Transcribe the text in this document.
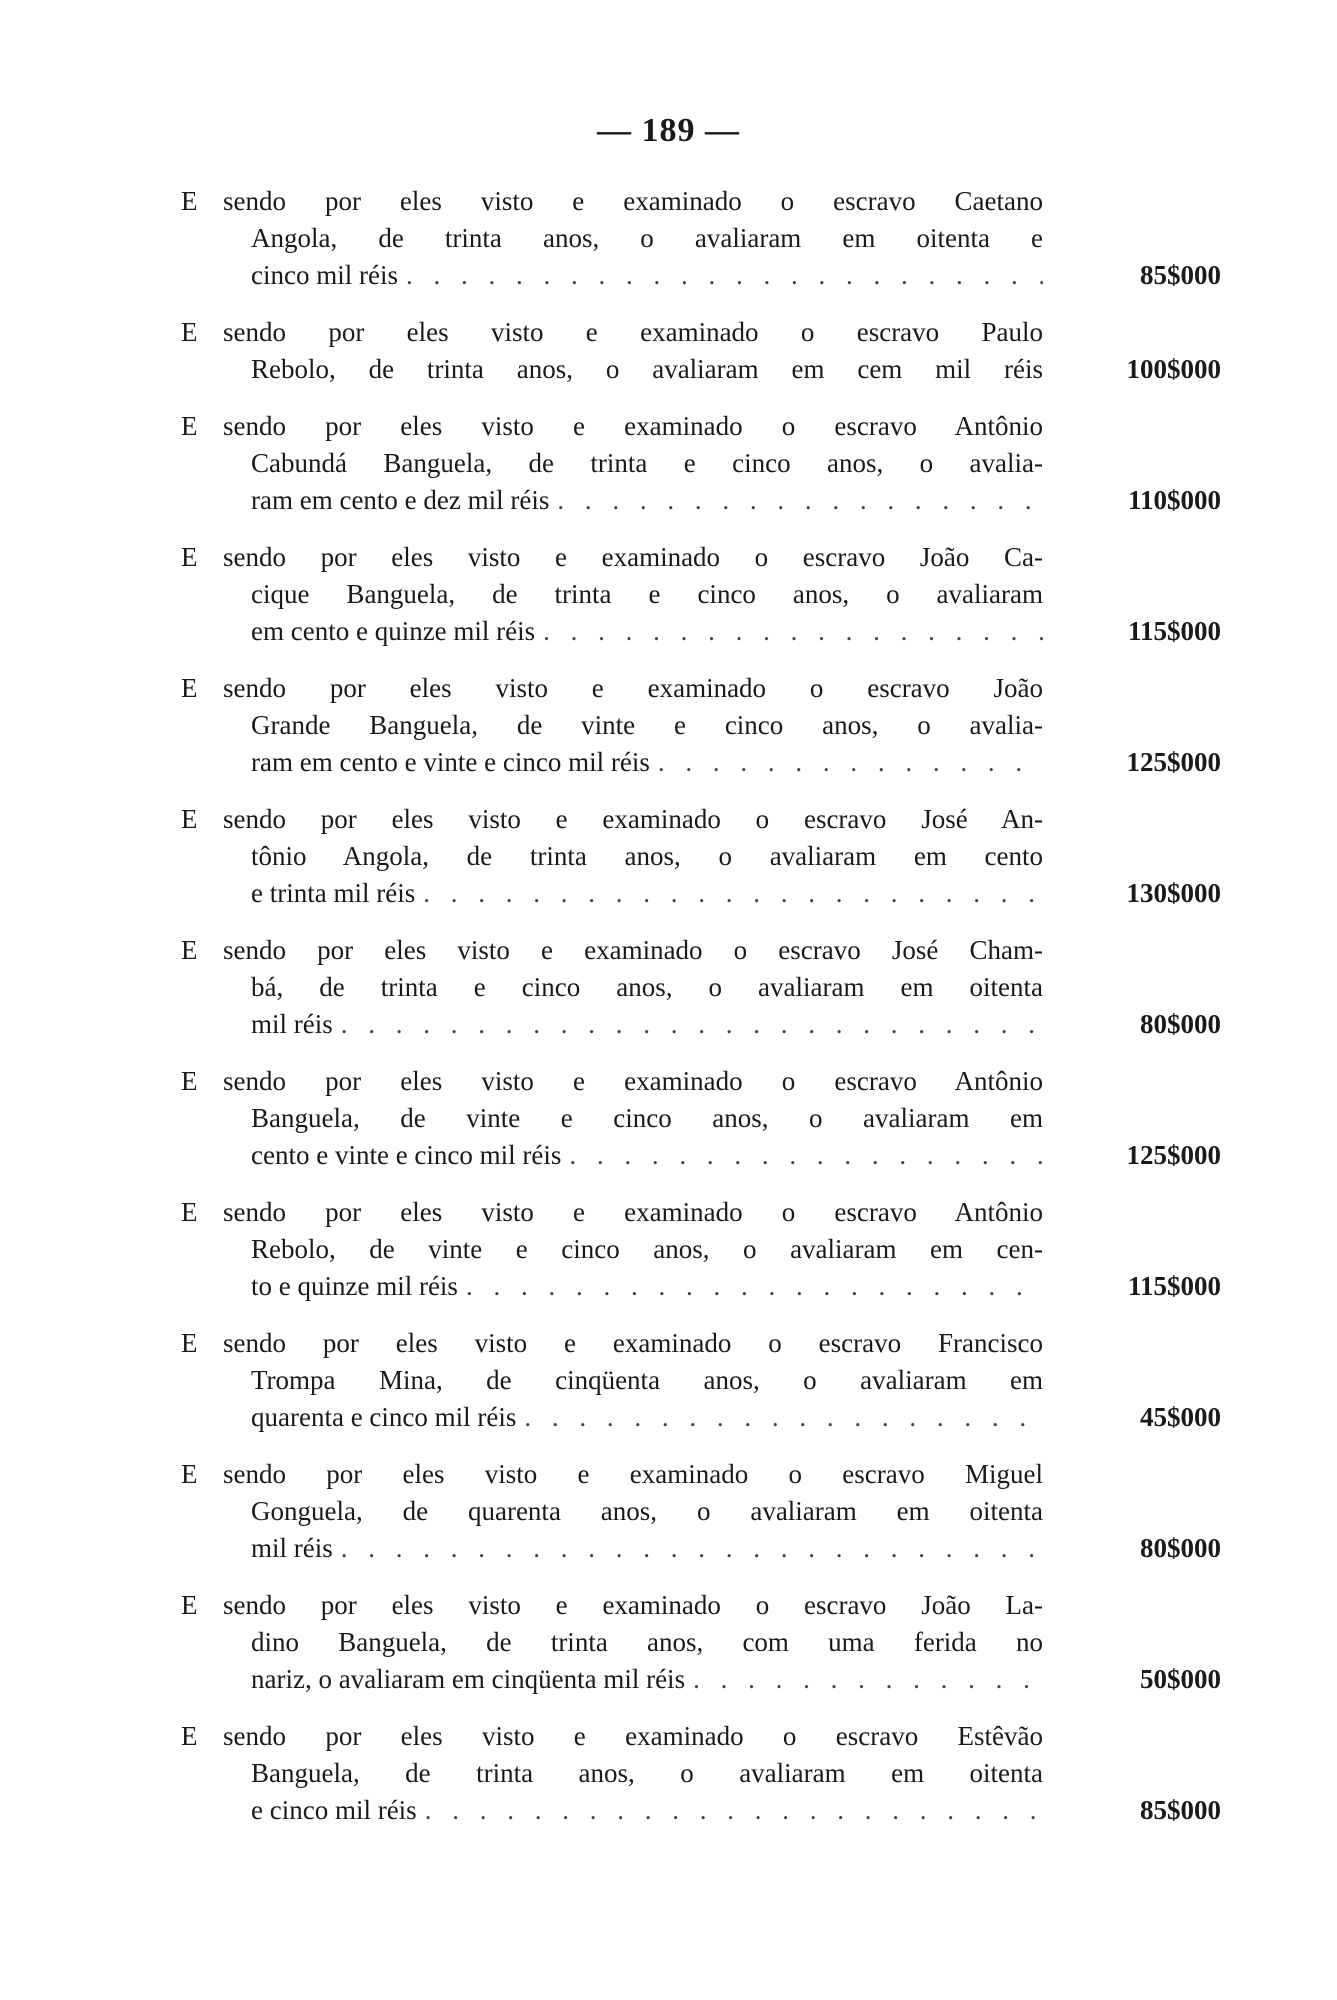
— 189 —
E sendo por eles visto e examinado o escravo Caetano
Angola, de trinta anos, o avaliaram em oitenta e
cinco mil réis . . .	85$000
E sendo por eles visto e examinado o escravo Paulo
Rebolo, de trinta anos, o avaliaram em cem mil réis	100$000
E sendo por eles visto e examinado o escravo Antônio
Cabundá Banguela, de trinta e cinco anos, o avalia-
ram em cento e dez mil réis . . .	110$000
E sendo por eles visto e examinado o escravo João Ca-
cique Banguela, de trinta e cinco anos, o avaliaram
em cento e quinze mil réis . . .	115$000
E sendo por eles visto e examinado o escravo João
Grande Banguela, de vinte e cinco anos, o avalia-
ram em cento e vinte e cinco mil réis . . .	125$000
E sendo por eles visto e examinado o escravo José An-
tônio Angola, de trinta anos, o avaliaram em cento
e trinta mil réis . . .	130$000
E sendo por eles visto e examinado o escravo José Cham-
bá, de trinta e cinco anos, o avaliaram em oitenta
mil réis . . .	80$000
E sendo por eles visto e examinado o escravo Antônio
Banguela, de vinte e cinco anos, o avaliaram em
cento e vinte e cinco mil réis . . .	125$000
E sendo por eles visto e examinado o escravo Antônio
Rebolo, de vinte e cinco anos, o avaliaram em cen-
to e quinze mil réis . . .	115$000
E sendo por eles visto e examinado o escravo Francisco
Trompa Mina, de cinqüenta anos, o avaliaram em
quarenta e cinco mil réis . . .	45$000
E sendo por eles visto e examinado o escravo Miguel
Gonguela, de quarenta anos, o avaliaram em oitenta
mil réis . . .	80$000
E sendo por eles visto e examinado o escravo João La-
dino Banguela, de trinta anos, com uma ferida no
nariz, o avaliaram em cinqüenta mil réis . . .	50$000
E sendo por eles visto e examinado o escravo Estêvão
Banguela, de trinta anos, o avaliaram em oitenta
e cinco mil réis . . .	85$000
